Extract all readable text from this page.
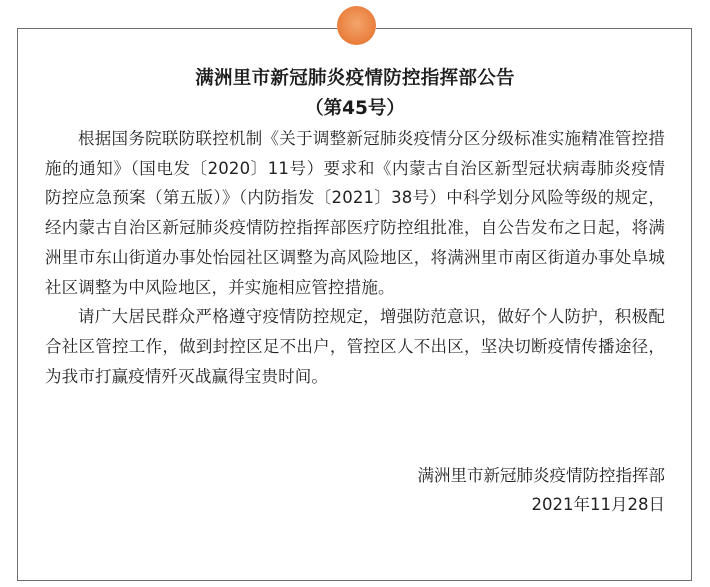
满洲里市新冠肺炎疫情防控指挥部公告
（第45号）

根据国务院联防联控机制《关于调整新冠肺炎疫情分区分级标准实施精准管控措施的通知》（国电发〔2020〕11号）要求和《内蒙古自治区新型冠状病毒肺炎疫情防控应急预案（第五版）》（内防指发〔2021〕38号）中科学划分风险等级的规定，经内蒙古自治区新冠肺炎疫情防控指挥部医疗防控组批准，自公告发布之日起，将满洲里市东山街道办事处怡园社区调整为高风险地区，将满洲里市南区街道办事处阜城社区调整为中风险地区，并实施相应管控措施。

请广大居民群众严格遵守疫情防控规定，增强防范意识，做好个人防护，积极配合社区管控工作，做到封控区足不出户，管控区人不出区，坚决切断疫情传播途径，为我市打赢疫情歼灭战赢得宝贵时间。

满洲里市新冠肺炎疫情防控指挥部
2021年11月28日
